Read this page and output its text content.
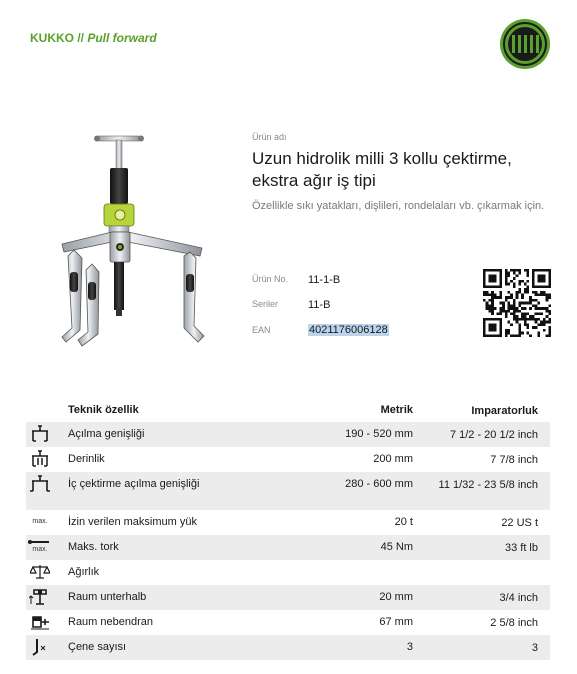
KUKKO // Pull forward
Ürün adı
Uzun hidrolik milli 3 kollu çektirme, ekstra ağır iş tipi
Özellikle sıkı yatakları, dişlileri, rondelaları vb. çıkarmak için.
Ürün No. 11-1-B
Seriler	11-B
EAN	4021176006128
Teknik özellik	Metrik	Imparatorluk
Açılma genişliği	190 - 520 mm	7 1/2 - 20 1/2 inch
Derinlik	200 mm	7 7/8 inch
İç çektirme açılma genişliği	280 - 600 mm	11 1/32 - 23 5/8 inch
max. İzin verilen maksimum yük	20 t	22 US t
max. Maks. tork	45 Nm	33 ft lb
Ağırlık
Raum unterhalb	20 mm	3/4 inch
Raum nebendran	67 mm	2 5/8 inch
Çene sayısı	3	3
